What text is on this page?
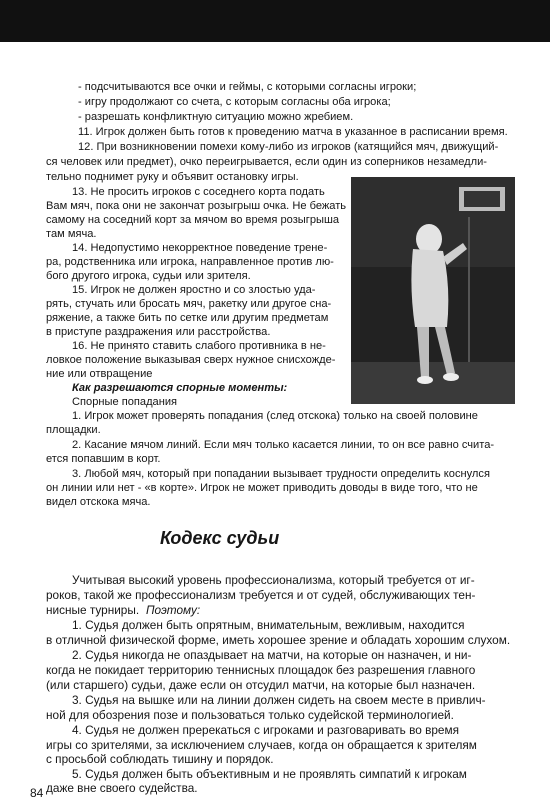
- подсчитываются все очки и геймы, с которыми согласны игроки;
- игру продолжают со счета, с которым согласны оба игрока;
- разрешать конфликтную ситуацию можно жребием.
11. Игрок должен быть готов к проведению матча в указанное в расписании время.
12. При возникновении помехи кому-либо из игроков (катящийся мяч, движущий-
ся человек или предмет), очко переигрывается, если один из соперников незамедли-
тельно поднимет руку и объявит остановку игры.
13. Не просить игроков с соседнего корта подать
Вам мяч, пока они не закончат розыгрыш очка. Не бежать
самому на соседний корт за мячом во время розыгрыша
там мяча.
14. Недопустимо некорректное поведение трене-
ра, родственника или игрока, направленное против лю-
бого другого игрока, судьи или зрителя.
15. Игрок не должен яростно и со злостью уда-
рять, стучать или бросать мяч, ракетку или другое сна-
ряжение, а также бить по сетке или другим предметам
в приступе раздражения или расстройства.
16. Не принято ставить слабого противника в не-
ловкое положение выказывая сверх нужное снисхожде-
ние или отвращение
Как разрешаются спорные моменты:
Спорные попадания
1. Игрок может проверять попадания (след отскока) только на своей половине
площадки.
2. Касание мячом линий. Если мяч только касается линии, то он все равно счита-
ется попавшим в корт.
3. Любой мяч, который при попадании вызывает трудности определить коснулся
он линии или нет - «в корте». Игрок не может приводить доводы в виде того, что не
видел отскока мяча.
Кодекс судьи
Учитывая высокий уровень профессионализма, который требуется от иг-
роков, такой же профессионализм требуется и от судей, обслуживающих тен-
нисные турниры. Поэтому:
1. Судья должен быть опрятным, внимательным, вежливым, находится
в отличной физической форме, иметь хорошее зрение и обладать хорошим слухом.
2. Судья никогда не опаздывает на матчи, на которые он назначен, и ни-
когда не покидает территорию теннисных площадок без разрешения главного
(или старшего) судьи, даже если он отсудил матчи, на которые был назначен.
3. Судья на вышке или на линии должен сидеть на своем месте в привлич-
ной для обозрения позе и пользоваться только судейской терминологией.
4. Судья не должен пререкаться с игроками и разговаривать во время
игры со зрителями, за исключением случаев, когда он обращается к зрителям
с просьбой соблюдать тишину и порядок.
5. Судья должен быть объективным и не проявлять симпатий к игрокам
даже вне своего судейства.
84
